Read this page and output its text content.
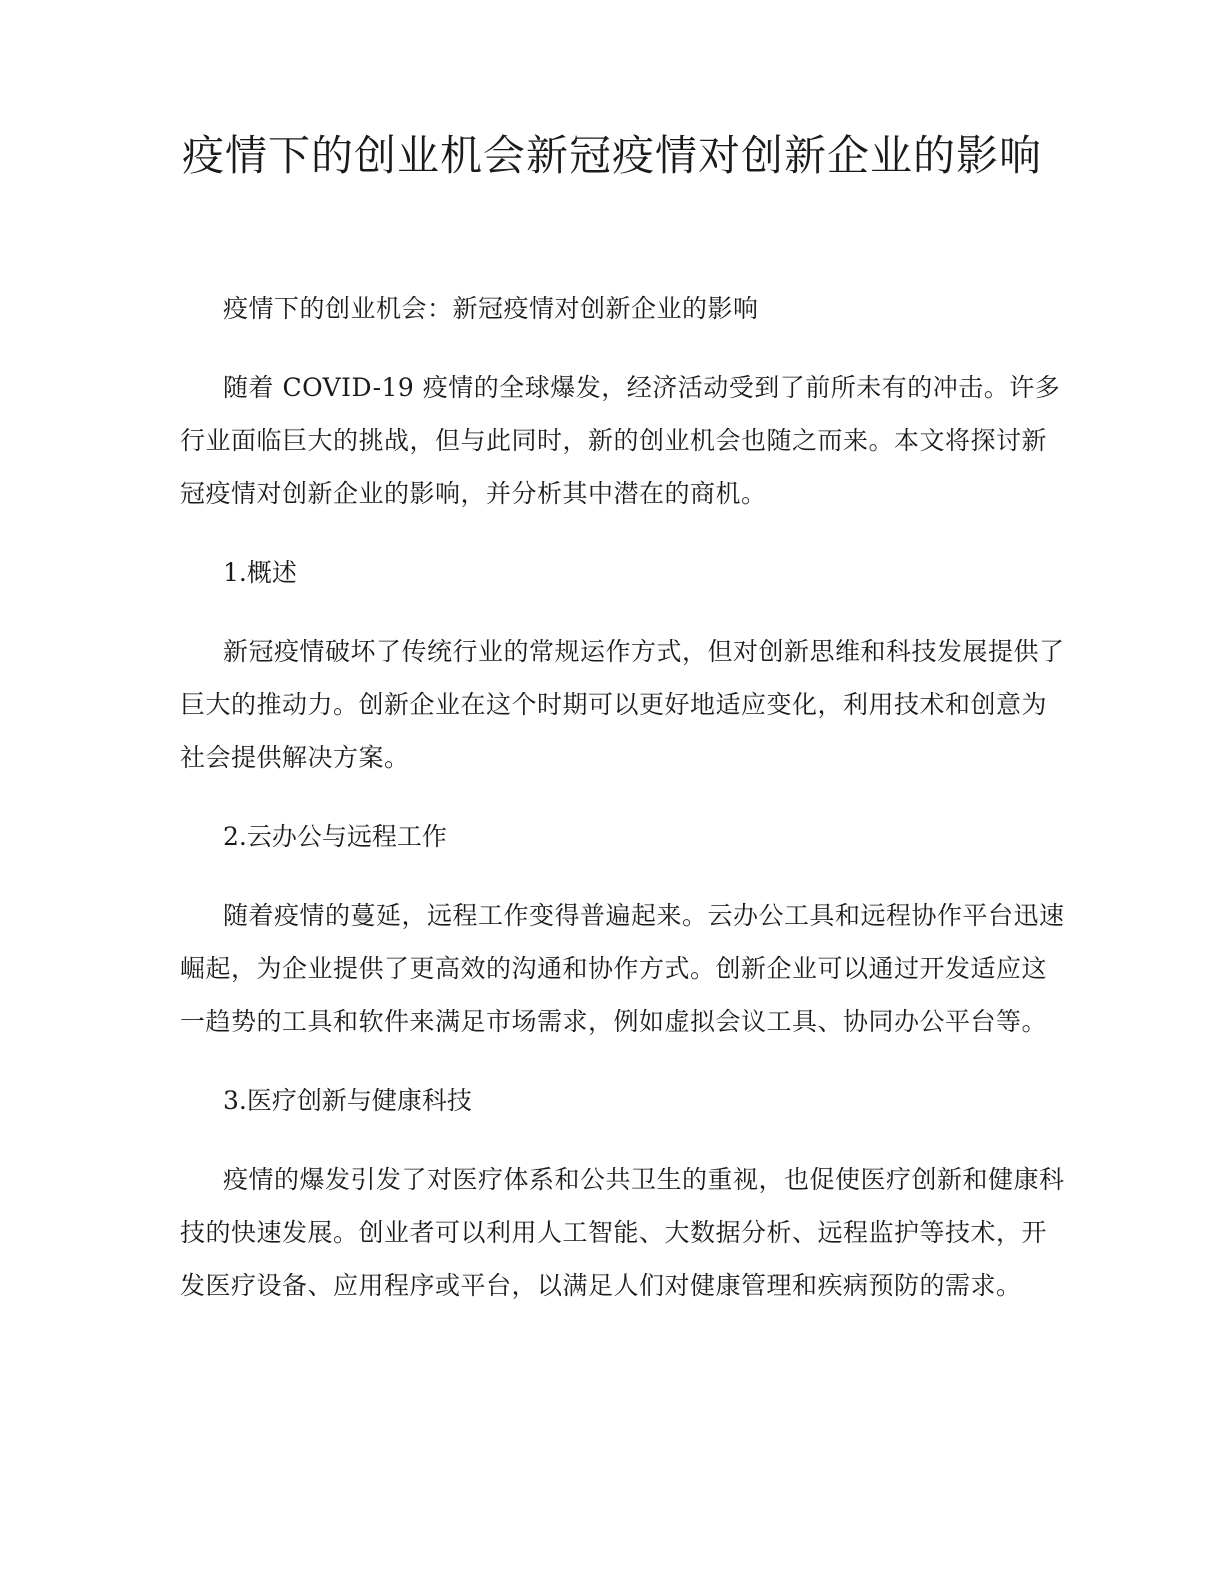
疫情下的创业机会新冠疫情对创新企业的影响

疫情下的创业机会：新冠疫情对创新企业的影响

随着 COVID-19 疫情的全球爆发，经济活动受到了前所未有的冲击。许多行业面临巨大的挑战，但与此同时，新的创业机会也随之而来。本文将探讨新冠疫情对创新企业的影响，并分析其中潜在的商机。

1.概述

新冠疫情破坏了传统行业的常规运作方式，但对创新思维和科技发展提供了巨大的推动力。创新企业在这个时期可以更好地适应变化，利用技术和创意为社会提供解决方案。

2.云办公与远程工作

随着疫情的蔓延，远程工作变得普遍起来。云办公工具和远程协作平台迅速崛起，为企业提供了更高效的沟通和协作方式。创新企业可以通过开发适应这一趋势的工具和软件来满足市场需求，例如虚拟会议工具、协同办公平台等。

3.医疗创新与健康科技

疫情的爆发引发了对医疗体系和公共卫生的重视，也促使医疗创新和健康科技的快速发展。创业者可以利用人工智能、大数据分析、远程监护等技术，开发医疗设备、应用程序或平台，以满足人们对健康管理和疾病预防的需求。
